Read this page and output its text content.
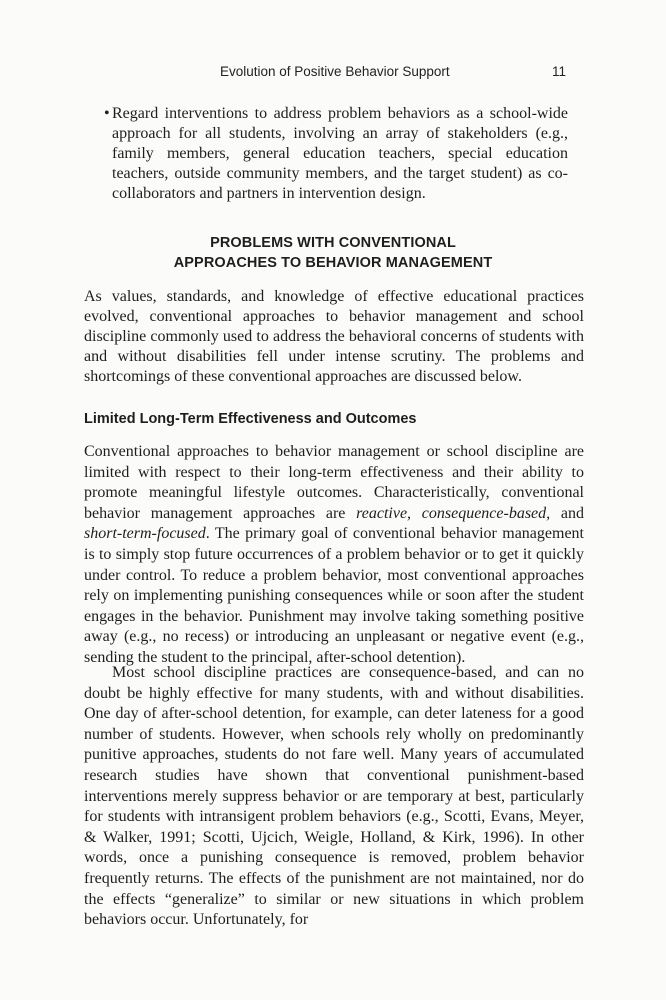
Evolution of Positive Behavior Support	11
• Regard interventions to address problem behaviors as a school-wide approach for all students, involving an array of stakeholders (e.g., family members, general education teachers, special education teachers, outside community members, and the target student) as co-collaborators and partners in intervention design.
PROBLEMS WITH CONVENTIONAL
APPROACHES TO BEHAVIOR MANAGEMENT

As values, standards, and knowledge of effective educational practices evolved, conventional approaches to behavior management and school discipline commonly used to address the behavioral concerns of students with and without disabilities fell under intense scrutiny. The problems and shortcomings of these conventional approaches are discussed below.

Limited Long-Term Effectiveness and Outcomes

Conventional approaches to behavior management or school discipline are limited with respect to their long-term effectiveness and their ability to promote meaningful lifestyle outcomes. Characteristically, conventional behavior management approaches are reactive, consequence-based, and short-term-focused. The primary goal of conventional behavior management is to simply stop future occurrences of a problem behavior or to get it quickly under control. To reduce a problem behavior, most conventional approaches rely on implementing punishing consequences while or soon after the student engages in the behavior. Punishment may involve taking something positive away (e.g., no recess) or introducing an unpleasant or negative event (e.g., sending the student to the principal, after-school detention).

Most school discipline practices are consequence-based, and can no doubt be highly effective for many students, with and without disabilities. One day of after-school detention, for example, can deter lateness for a good number of students. However, when schools rely wholly on predominantly punitive approaches, students do not fare well. Many years of accumulated research studies have shown that conventional punishment-based interventions merely suppress behavior or are temporary at best, particularly for students with intransigent problem behaviors (e.g., Scotti, Evans, Meyer, & Walker, 1991; Scotti, Ujcich, Weigle, Holland, & Kirk, 1996). In other words, once a punishing consequence is removed, problem behavior frequently returns. The effects of the punishment are not maintained, nor do the effects “generalize” to similar or new situations in which problem behaviors occur. Unfortunately, for
